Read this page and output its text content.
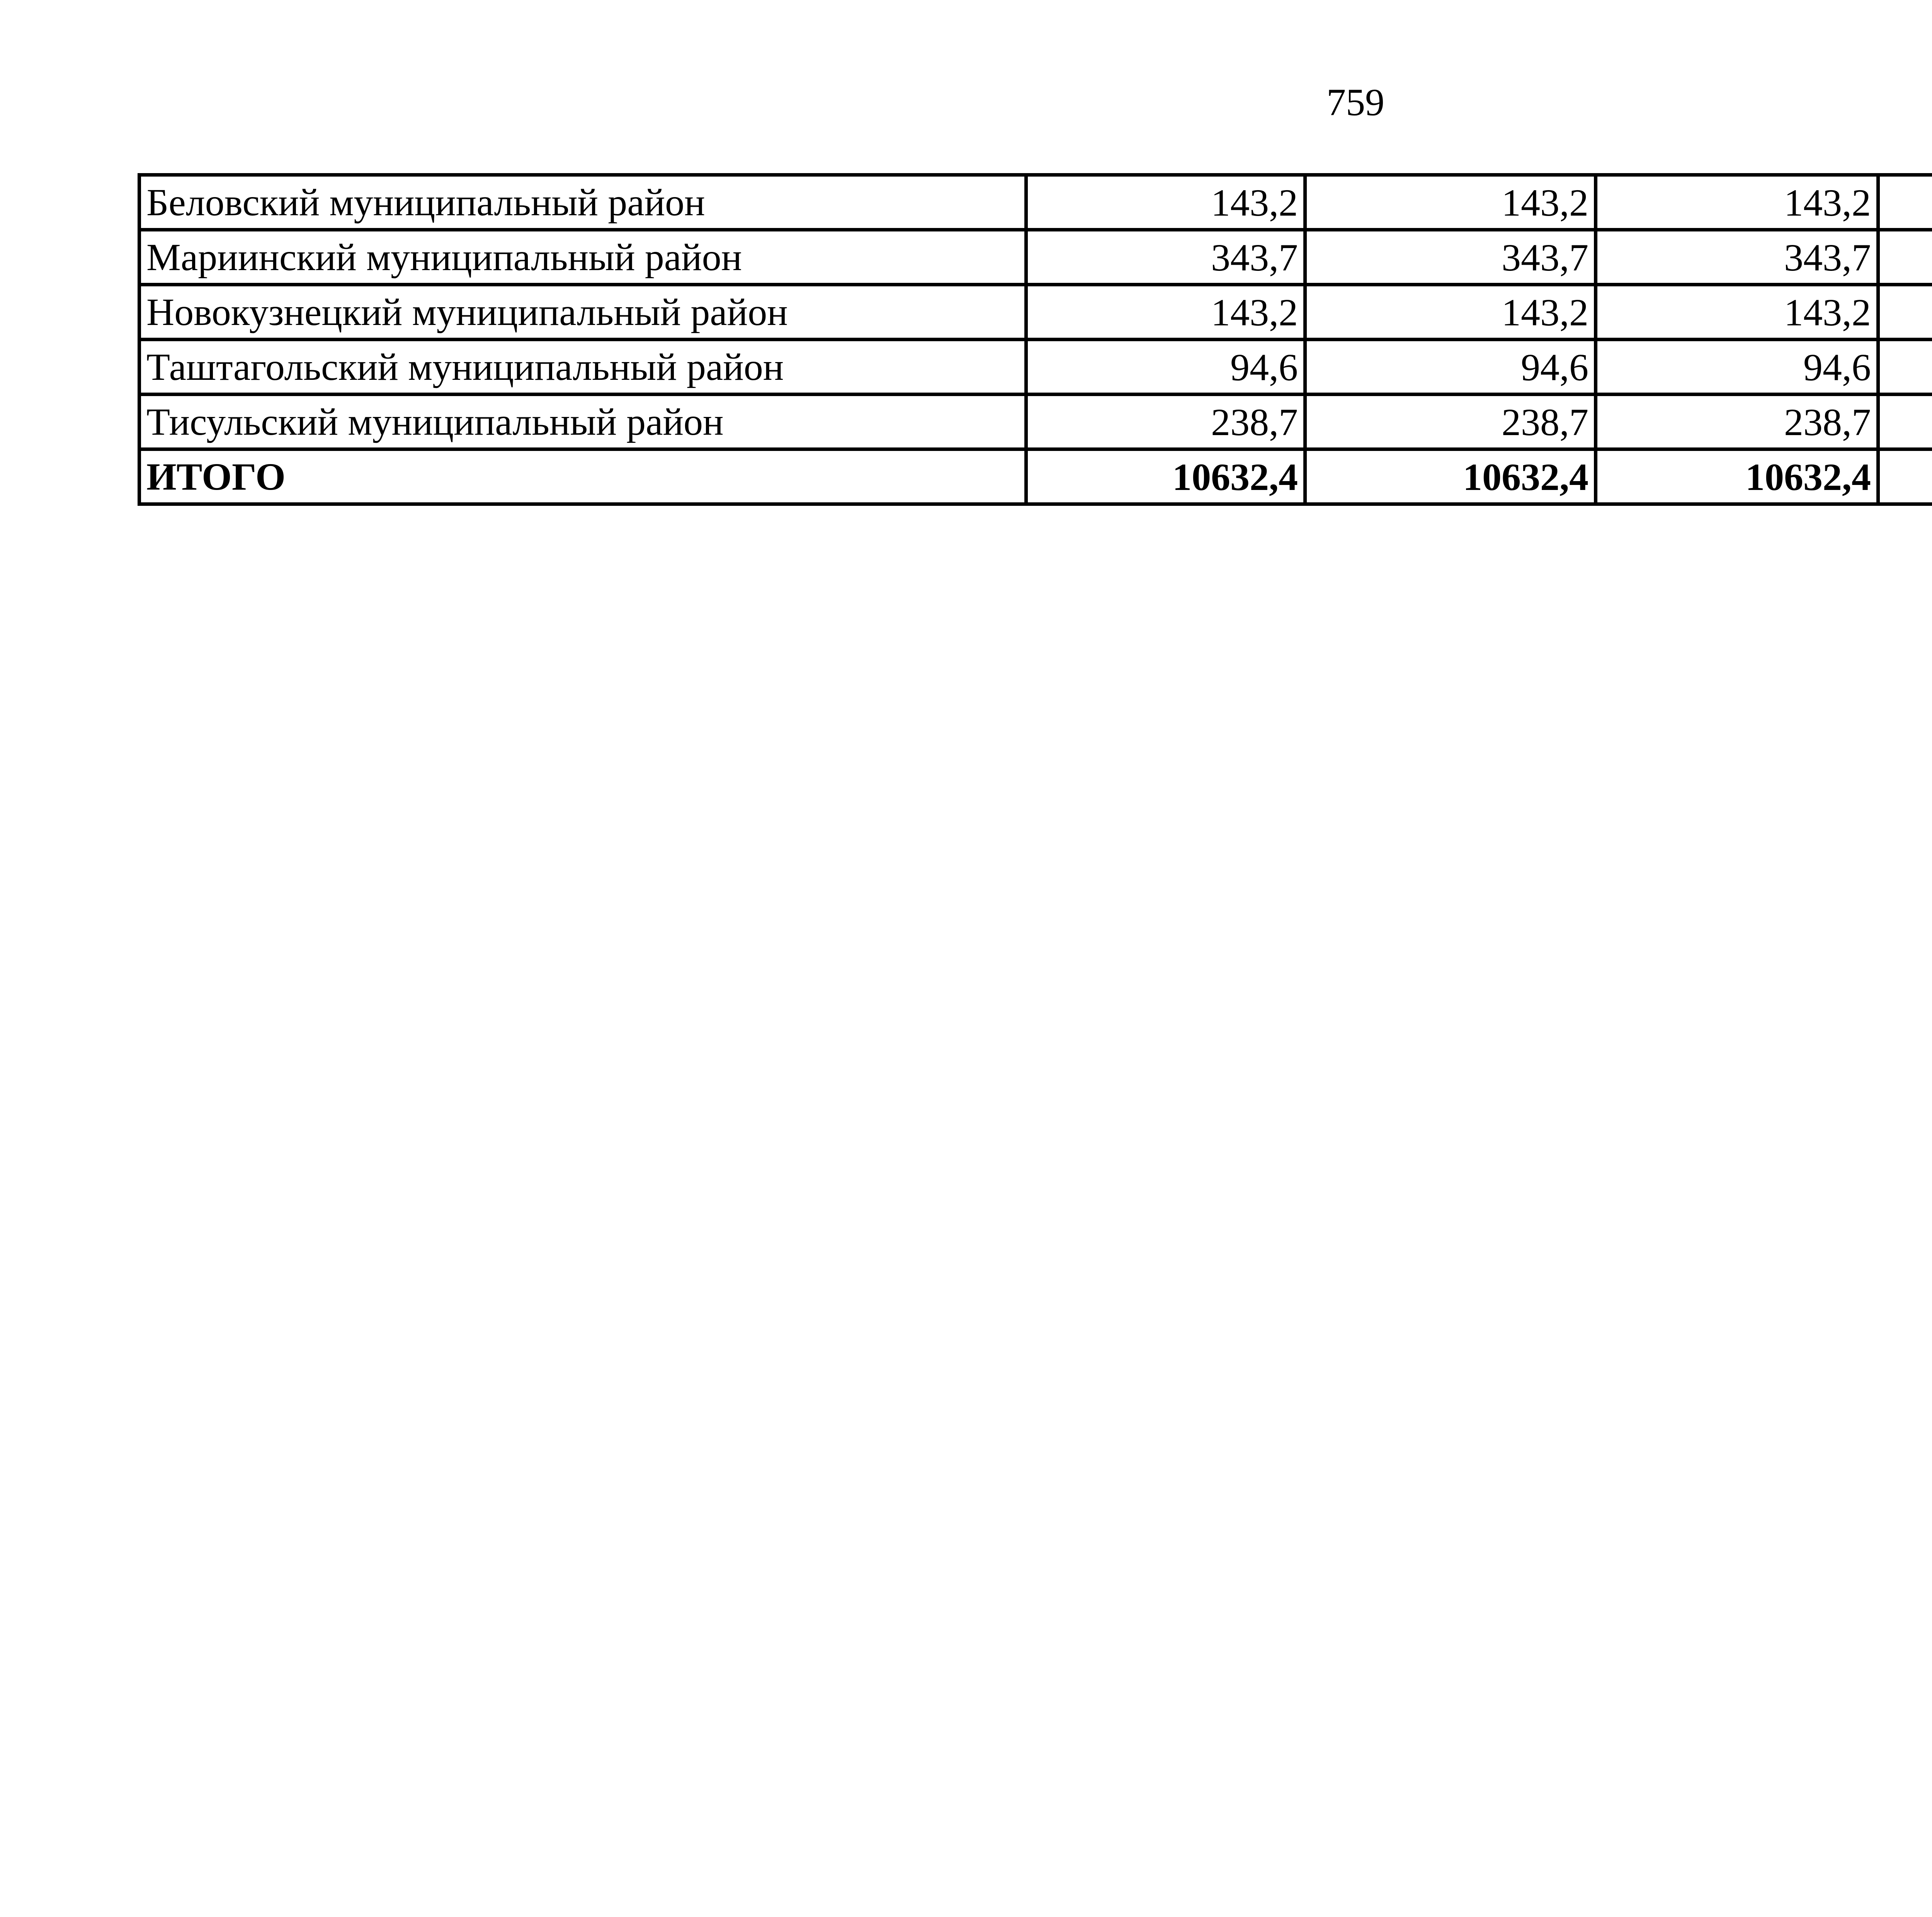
759
Беловский муниципальный район	143,2	143,2	143,2	
Мариинский муниципальный район	343,7	343,7	343,7	
Новокузнецкий муниципальный район	143,2	143,2	143,2	
Таштагольский муниципальный район	94,6	94,6	94,6	
Тисульский муниципальный район	238,7	238,7	238,7	
ИТОГО	10632,4	10632,4	10632,4	
